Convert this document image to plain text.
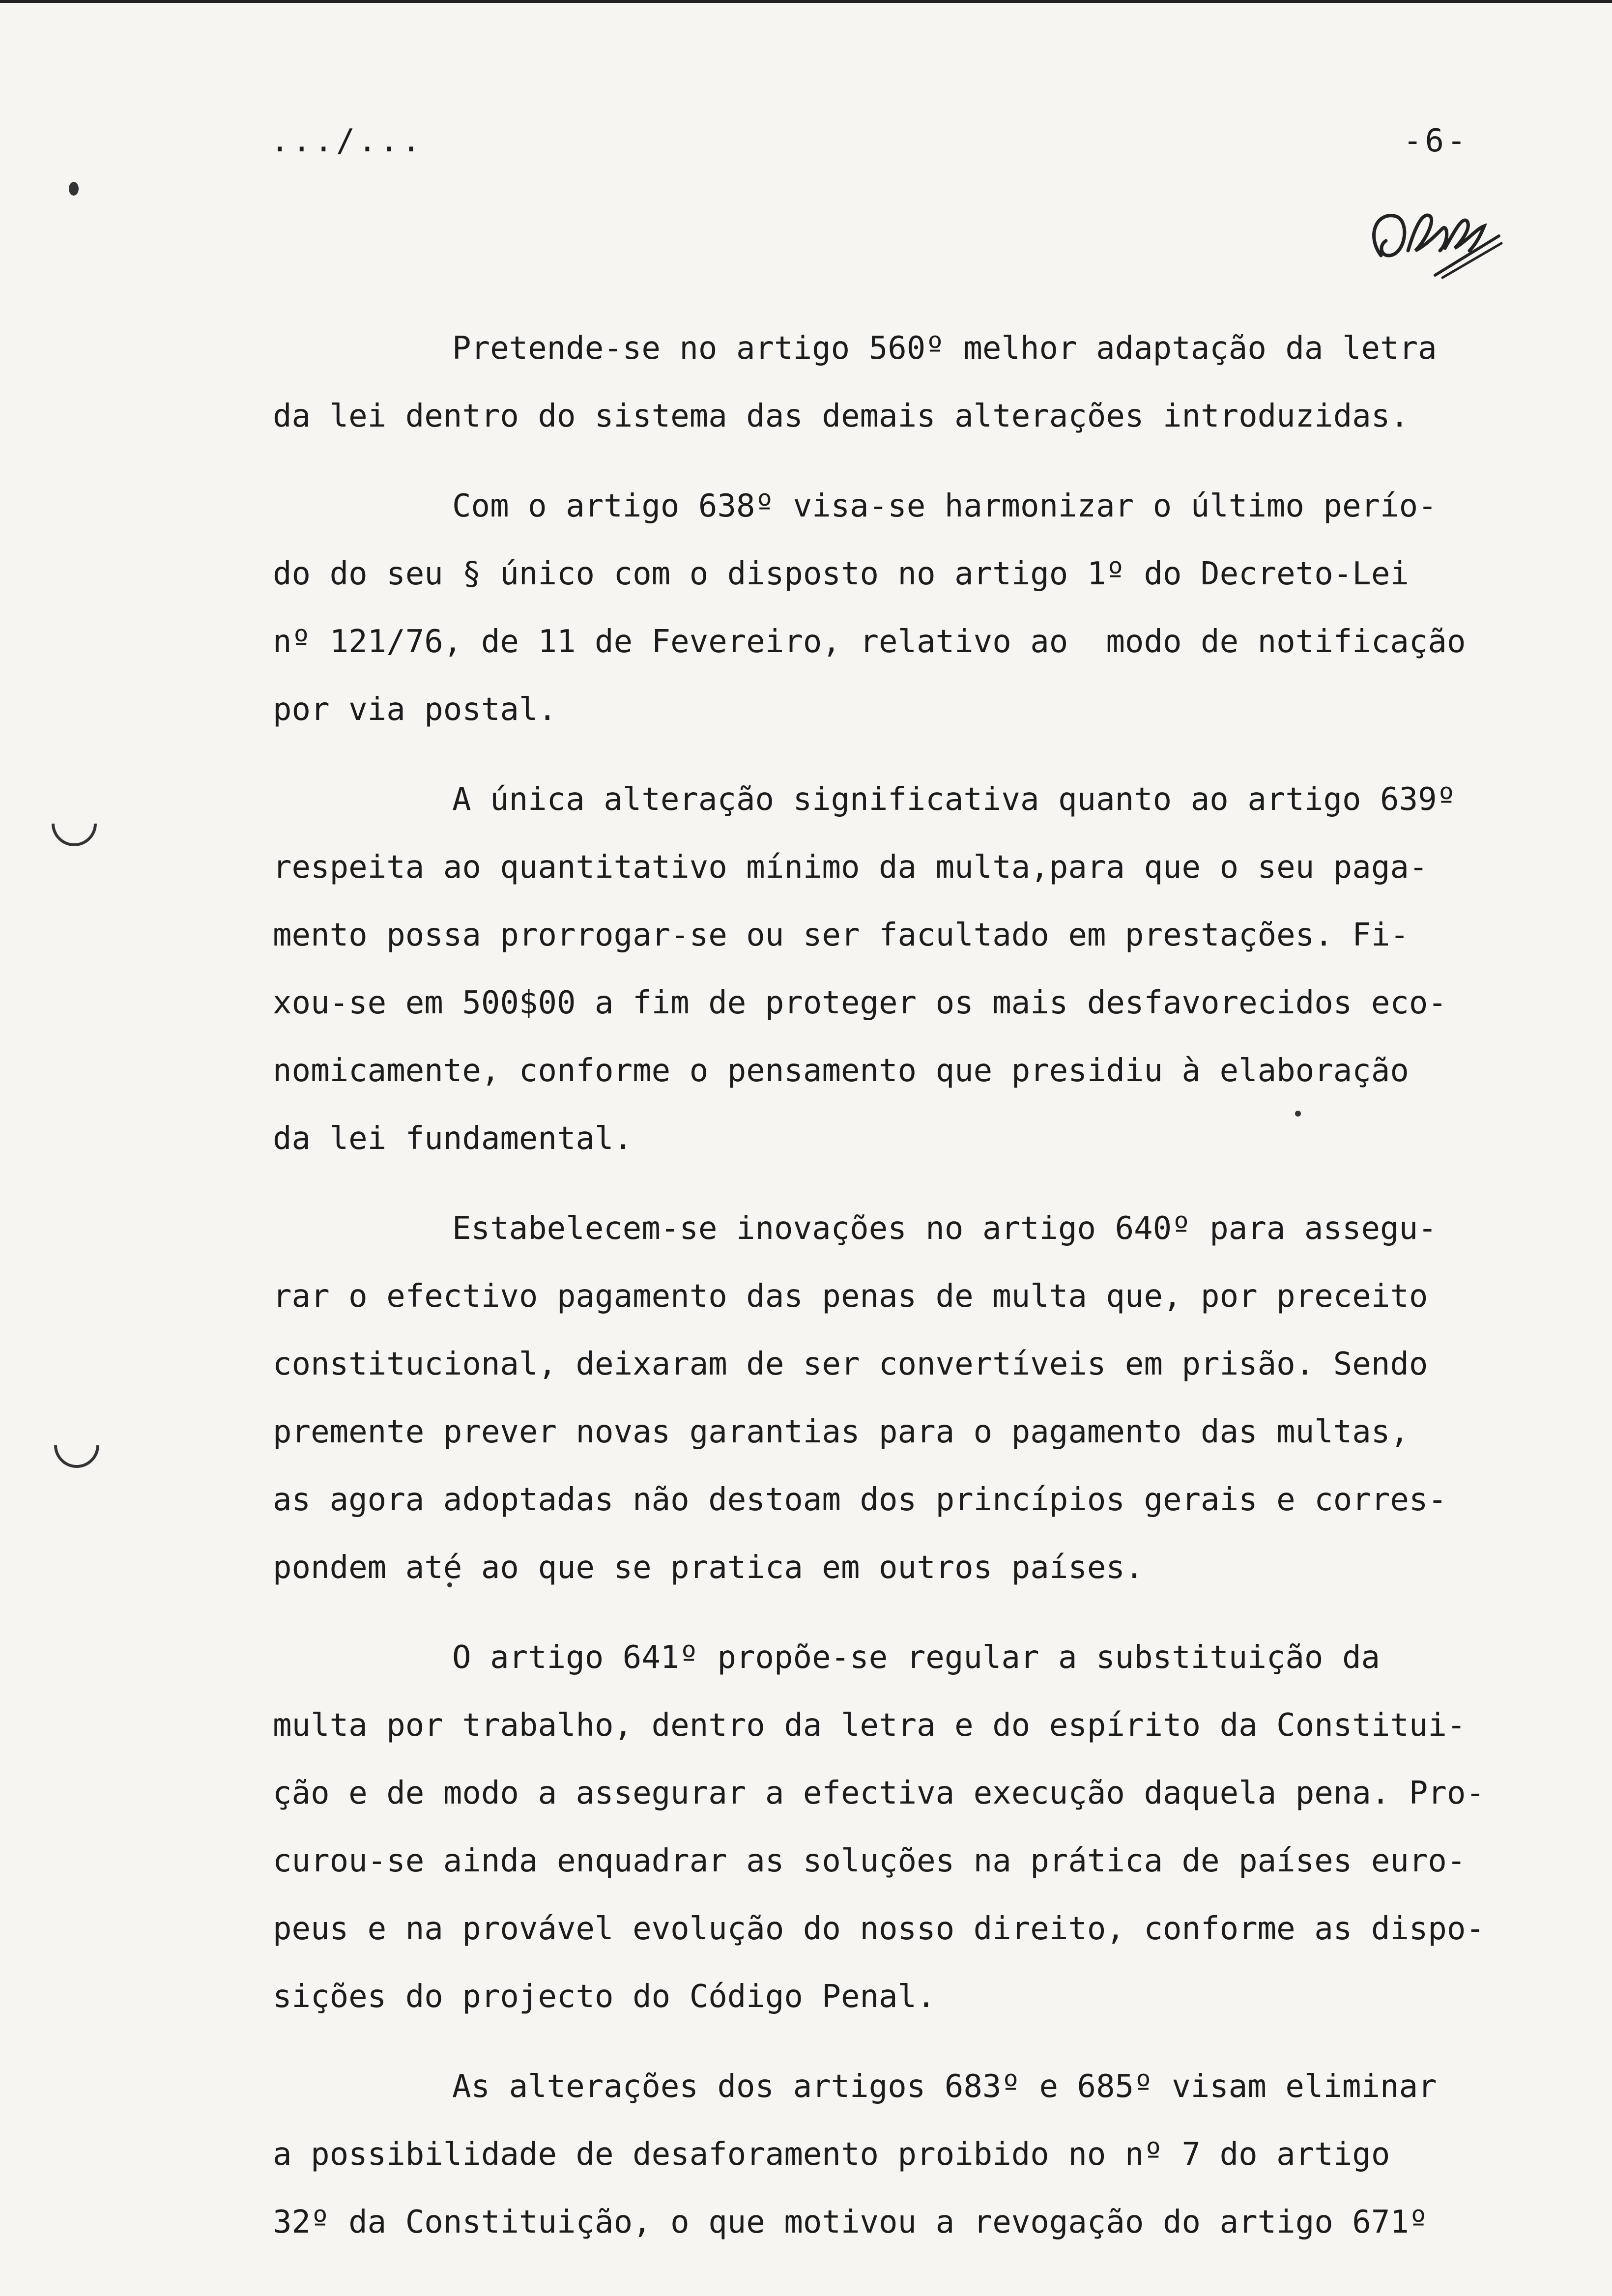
.../...	-6-
Pretende-se no artigo 560º melhor adaptação da letra
da lei dentro do sistema das demais alterações introduzidas.
Com o artigo 638º visa-se harmonizar o último perío-
do do seu § único com o disposto no artigo 1º do Decreto-Lei
nº 121/76, de 11 de Fevereiro, relativo ao  modo de notificação
por via postal.
A única alteração significativa quanto ao artigo 639º
respeita ao quantitativo mínimo da multa,para que o seu paga-
mento possa prorrogar-se ou ser facultado em prestações. Fi-
xou-se em 500$00 a fim de proteger os mais desfavorecidos eco-
nomicamente, conforme o pensamento que presidiu à elaboração
da lei fundamental.
Estabelecem-se inovações no artigo 640º para assegu-
rar o efectivo pagamento das penas de multa que, por preceito
constitucional, deixaram de ser convertíveis em prisão. Sendo
premente prever novas garantias para o pagamento das multas,
as agora adoptadas não destoam dos princípios gerais e corres-
pondem até ao que se pratica em outros países.
O artigo 641º propõe-se regular a substituição da
multa por trabalho, dentro da letra e do espírito da Constitui-
ção e de modo a assegurar a efectiva execução daquela pena. Pro-
curou-se ainda enquadrar as soluções na prática de países euro-
peus e na provável evolução do nosso direito, conforme as dispo-
sições do projecto do Código Penal.
As alterações dos artigos 683º e 685º visam eliminar
a possibilidade de desaforamento proibido no nº 7 do artigo
32º da Constituição, o que motivou a revogação do artigo 671º
